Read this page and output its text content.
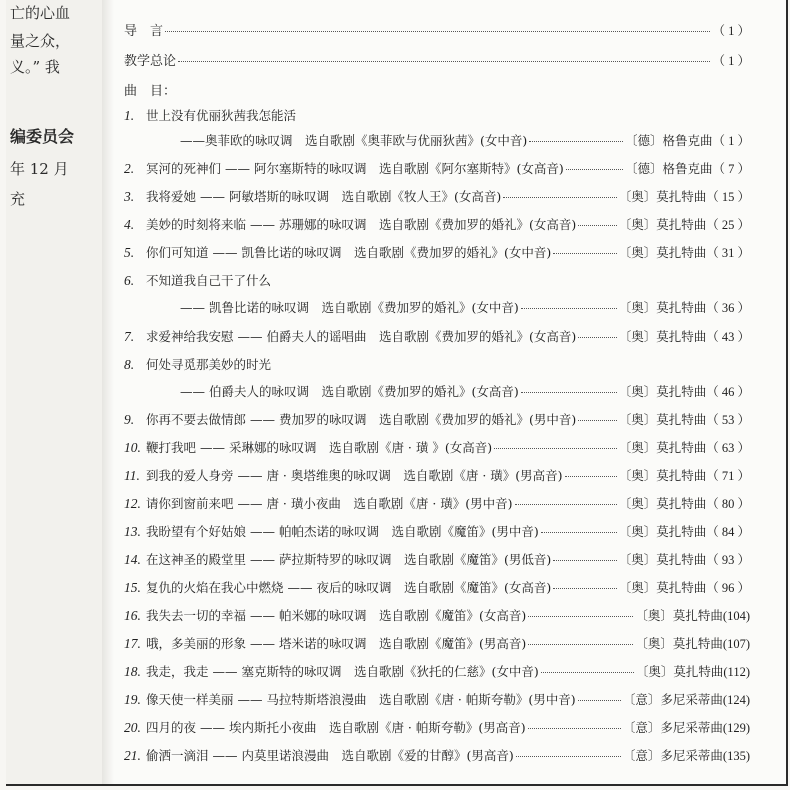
亡的心血
量之众，
义。” 我
编委员会
年 12 月
充
导　言	（ 1 ）
教学总论	（ 1 ）
曲　目：
1. 世上没有优丽狄茜我怎能活
——奥菲欧的咏叹调　选自歌剧《奥菲欧与优丽狄茜》(女中音)	〔德〕格鲁克曲 （ 1 ）
2. 冥河的死神们 —— 阿尔塞斯特的咏叹调　选自歌剧《阿尔塞斯特》(女高音)	〔德〕格鲁克曲 （ 7 ）
3. 我将爱她 —— 阿敏塔斯的咏叹调　选自歌剧《牧人王》(女高音)	〔奥〕莫扎特曲 （ 15 ）
4. 美妙的时刻将来临 —— 苏珊娜的咏叹调　选自歌剧《费加罗的婚礼》(女高音)	〔奥〕莫扎特曲 （ 25 ）
5. 你们可知道 —— 凯鲁比诺的咏叹调　选自歌剧《费加罗的婚礼》(女中音)	〔奥〕莫扎特曲 （ 31 ）
6. 不知道我自己干了什么
—— 凯鲁比诺的咏叹调　选自歌剧《费加罗的婚礼》(女中音)	〔奥〕莫扎特曲 （ 36 ）
7. 求爱神给我安慰 —— 伯爵夫人的谣唱曲　选自歌剧《费加罗的婚礼》(女高音)	〔奥〕莫扎特曲 （ 43 ）
8. 何处寻觅那美妙的时光
—— 伯爵夫人的咏叹调　选自歌剧《费加罗的婚礼》(女高音)	〔奥〕莫扎特曲 （ 46 ）
9. 你再不要去做情郎 —— 费加罗的咏叹调　选自歌剧《费加罗的婚礼》(男中音)	〔奥〕莫扎特曲 （ 53 ）
10. 鞭打我吧 —— 采琳娜的咏叹调　选自歌剧《唐 · 璜 》(女高音)	〔奥〕莫扎特曲 （ 63 ）
11. 到我的爱人身旁 —— 唐 · 奥塔维奥的咏叹调　选自歌剧《唐 · 璜》(男高音)	〔奥〕莫扎特曲 （ 71 ）
12. 请你到窗前来吧 —— 唐 · 璜小夜曲　选自歌剧《唐 · 璜》(男中音)	〔奥〕莫扎特曲 （ 80 ）
13. 我盼望有个好姑娘 —— 帕帕杰诺的咏叹调　选自歌剧《魔笛》(男中音)	〔奥〕莫扎特曲 （ 84 ）
14. 在这神圣的殿堂里 —— 萨拉斯特罗的咏叹调　选自歌剧《魔笛》(男低音)	〔奥〕莫扎特曲 （ 93 ）
15. 复仇的火焰在我心中燃烧 —— 夜后的咏叹调　选自歌剧《魔笛》(女高音)	〔奥〕莫扎特曲 （ 96 ）
16. 我失去一切的幸福 —— 帕米娜的咏叹调　选自歌剧《魔笛》(女高音)	〔奥〕莫扎特曲 (104)
17. 哦，多美丽的形象 —— 塔米诺的咏叹调　选自歌剧《魔笛》(男高音)	〔奥〕莫扎特曲 (107)
18. 我走，我走 —— 塞克斯特的咏叹调　选自歌剧《狄托的仁慈》(女中音)	〔奥〕莫扎特曲 (112)
19. 像天使一样美丽 —— 马拉特斯塔浪漫曲　选自歌剧《唐 · 帕斯夸勒》(男中音)	〔意〕多尼采蒂曲 (124)
20. 四月的夜 —— 埃内斯托小夜曲　选自歌剧《唐 · 帕斯夸勒》(男高音)	〔意〕多尼采蒂曲 (129)
21. 偷洒一滴泪 —— 内莫里诺浪漫曲　选自歌剧《爱的甘醇》(男高音)	〔意〕多尼采蒂曲 (135)
